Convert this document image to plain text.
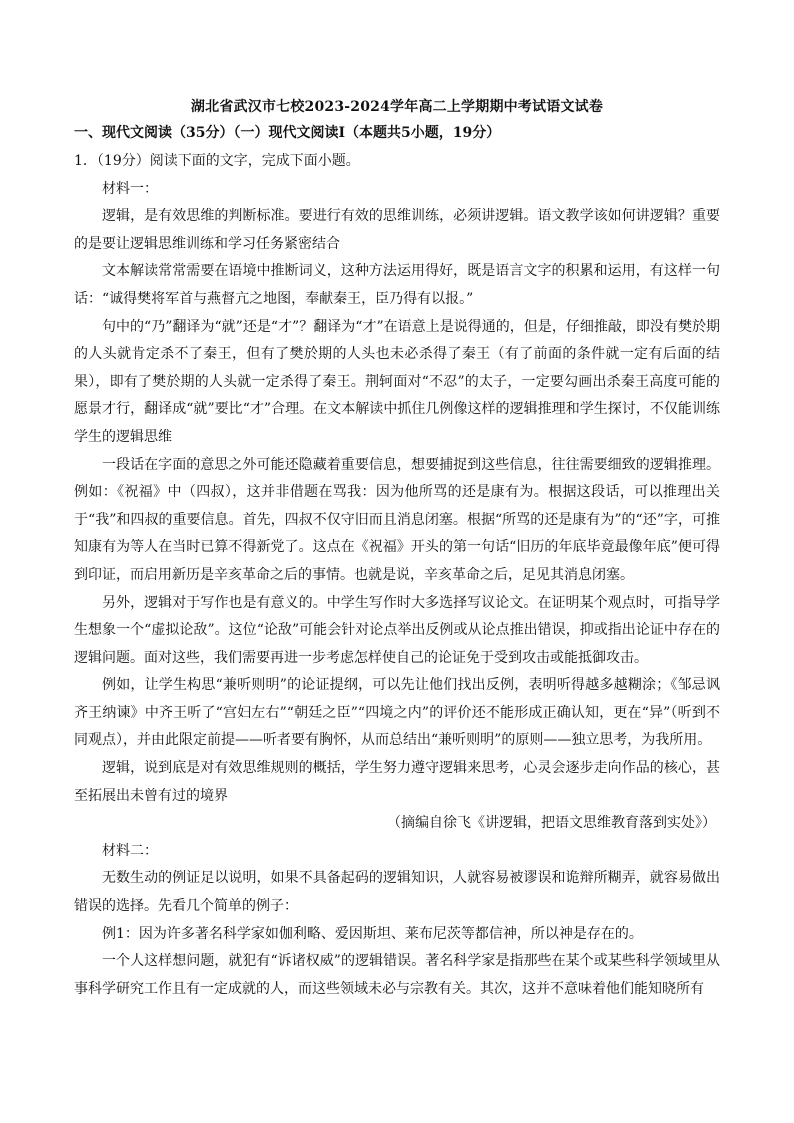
湖北省武汉市七校2023-2024学年高二上学期期中考试语文试卷
一、现代文阅读（35分）（一）现代文阅读Ⅰ（本题共5小题，19分）

1．（19分）阅读下面的文字，完成下面小题。

材料一：

逻辑，是有效思维的判断标准。要进行有效的思维训练，必须讲逻辑。语文教学该如何讲逻辑？重要的是要让逻辑思维训练和学习任务紧密结合

文本解读常常需要在语境中推断词义，这种方法运用得好，既是语言文字的积累和运用，有这样一句话：“诚得樊将军首与燕督亢之地图，奉献秦王，臣乃得有以报。”

句中的“乃”翻译为“就”还是“才”？翻译为“才”在语意上是说得通的，但是，仔细推敲，即没有樊於期的人头就肯定杀不了秦王，但有了樊於期的人头也未必杀得了秦王（有了前面的条件就一定有后面的结果），即有了樊於期的人头就一定杀得了秦王。荆轲面对“不忍”的太子，一定要勾画出杀秦王高度可能的愿景才行，翻译成“就”要比“才”合理。在文本解读中抓住几例像这样的逻辑推理和学生探讨，不仅能训练学生的逻辑思维

一段话在字面的意思之外可能还隐藏着重要信息，想要捕捉到这些信息，往往需要细致的逻辑推理。例如：《祝福》中（四叔），这并非借题在骂我：因为他所骂的还是康有为。根据这段话，可以推理出关于“我”和四叔的重要信息。首先，四叔不仅守旧而且消息闭塞。根据“所骂的还是康有为”的“还”字，可推知康有为等人在当时已算不得新党了。这点在《祝福》开头的第一句话“旧历的年底毕竟最像年底”便可得到印证，而启用新历是辛亥革命之后的事情。也就是说，辛亥革命之后，足见其消息闭塞。

另外，逻辑对于写作也是有意义的。中学生写作时大多选择写议论文。在证明某个观点时，可指导学生想象一个“虚拟论敌”。这位“论敌”可能会针对论点举出反例或从论点推出错误，抑或指出论证中存在的逻辑问题。面对这些，我们需要再进一步考虑怎样使自己的论证免于受到攻击或能抵御攻击。

例如，让学生构思“兼听则明”的论证提纲，可以先让他们找出反例，表明听得越多越糊涂；《邹忌讽齐王纳谏》中齐王听了“宫妇左右”“朝廷之臣”“四境之内”的评价还不能形成正确认知，更在“异”（听到不同观点），并由此限定前提——听者要有胸怀，从而总结出“兼听则明”的原则——独立思考，为我所用。

逻辑，说到底是对有效思维规则的概括，学生努力遵守逻辑来思考，心灵会逐步走向作品的核心，甚至拓展出未曾有过的境界

（摘编自徐飞《讲逻辑，把语文思维教育落到实处》）

材料二：

无数生动的例证足以说明，如果不具备起码的逻辑知识，人就容易被谬误和诡辩所糊弄，就容易做出错误的选择。先看几个简单的例子：

例1：因为许多著名科学家如伽利略、爱因斯坦、莱布尼茨等都信神，所以神是存在的。

一个人这样想问题，就犯有“诉诸权威”的逻辑错误。著名科学家是指那些在某个或某些科学领域里从事科学研究工作且有一定成就的人，而这些领域未必与宗教有关。其次，这并不意味着他们能知晓所有
